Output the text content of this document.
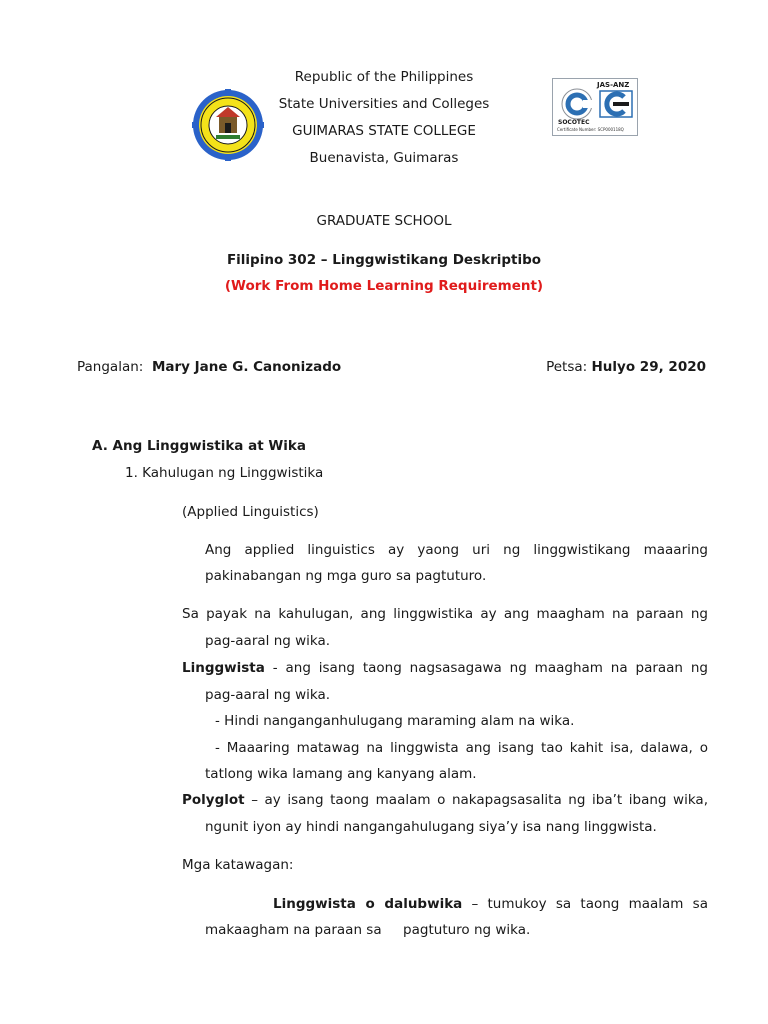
JAS-ANZ
SOCOTEC
Certificate Number: SCP000118Q
Republic of the Philippines
State Universities and Colleges
GUIMARAS STATE COLLEGE
Buenavista, Guimaras
GRADUATE SCHOOL
Filipino 302 – Linggwistikang Deskriptibo
(Work From Home Learning Requirement)
Pangalan: Mary Jane G. Canonizado	Petsa: Hulyo 29, 2020
A. Ang Linggwistika at Wika
1. Kahulugan ng Linggwistika
(Applied Linguistics)
Ang applied linguistics ay yaong uri ng linggwistikang maaaring
pakinabangan ng mga guro sa pagtuturo.
Sa payak na kahulugan, ang linggwistika ay ang maagham na paraan ng
pag-aaral ng wika.
Linggwista - ang isang taong nagsasagawa ng maagham na paraan ng
pag-aaral ng wika.
- Hindi nanganganhulugang maraming alam na wika.
- Maaaring matawag na linggwista ang isang tao kahit isa, dalawa, o
tatlong wika lamang ang kanyang alam.
Polyglot – ay isang taong maalam o nakapagsasalita ng iba’t ibang wika,
ngunit iyon ay hindi nangangahulugang siya’y isa nang linggwista.
Mga katawagan:
Linggwista o dalubwika – tumukoy sa taong maalam sa
makaagham na paraan sa     pagtuturo ng wika.
